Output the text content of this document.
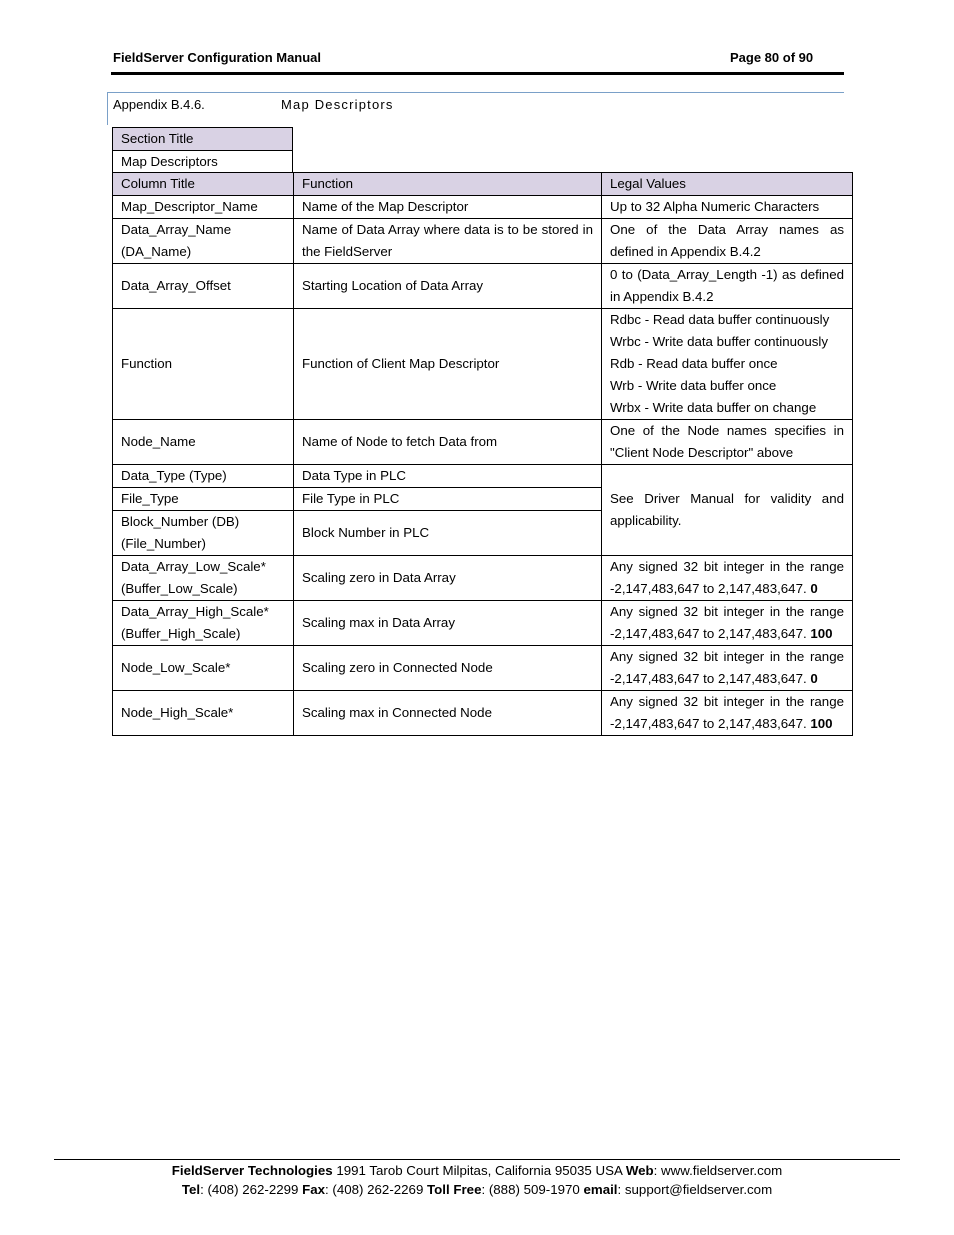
FieldServer Configuration Manual	Page 80 of 90
Appendix B.4.6.	Map Descriptors
Section Title
Map Descriptors
Column Title	Function	Legal Values
Map_Descriptor_Name	Name of the Map Descriptor	Up to 32 Alpha Numeric Characters

Data_Array_Name
(DA_Name)	Name of Data Array where data is to be stored in the FieldServer	One of the Data Array names as defined in Appendix B.4.2
Data_Array_Offset	Starting Location of Data Array	0 to (Data_Array_Length -1) as defined in Appendix B.4.2
Function	Function of Client Map Descriptor	Rdbc - Read data buffer continuously
Wrbc - Write data buffer continuously
Rdb - Read data buffer once
Wrb - Write data buffer once
Wrbx - Write data buffer on change

Node_Name	Name of Node to fetch Data from	One of the Node names specifies in "Client Node Descriptor" above
Data_Type (Type)	Data Type in PLC	See Driver Manual for validity and applicability.
File_Type	File Type in PLC	

Block_Number (DB)
(File_Number)	Block Number in PLC	

Data_Array_Low_Scale*
(Buffer_Low_Scale)	Scaling zero in Data Array	Any signed 32 bit integer in the range -2,147,483,647 to 2,147,483,647. 0

Data_Array_High_Scale*
(Buffer_High_Scale)	Scaling max in Data Array	Any signed 32 bit integer in the range -2,147,483,647 to 2,147,483,647. 100
Node_Low_Scale*	Scaling zero in Connected Node	Any signed 32 bit integer in the range -2,147,483,647 to 2,147,483,647. 0
Node_High_Scale*	Scaling max in Connected Node	Any signed 32 bit integer in the range -2,147,483,647 to 2,147,483,647. 100
FieldServer Technologies 1991 Tarob Court Milpitas, California 95035 USA Web: www.fieldserver.com
Tel: (408) 262-2299 Fax: (408) 262-2269 Toll Free: (888) 509-1970 email: support@fieldserver.com
